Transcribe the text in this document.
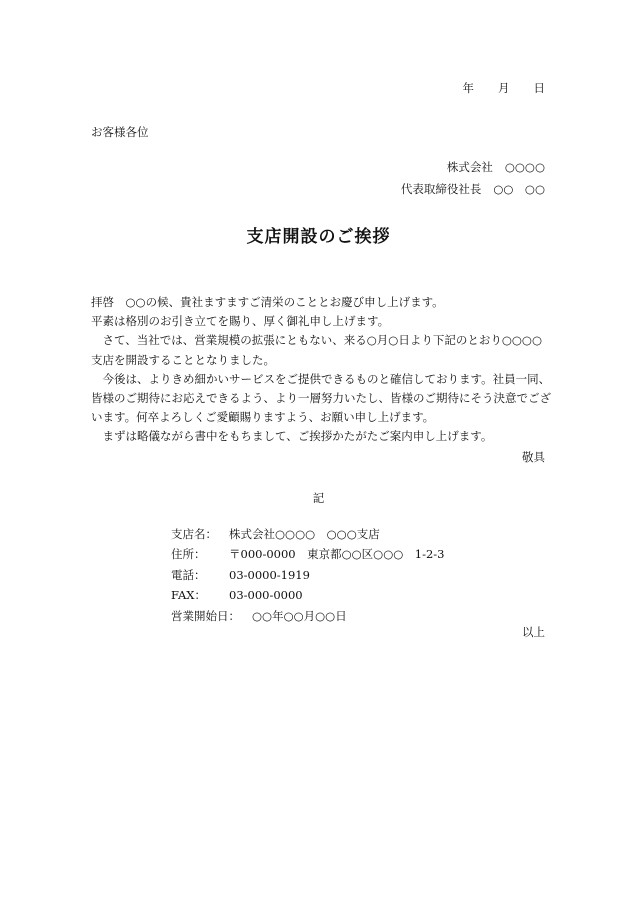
年 月 日
お客様各位
株式会社 ○○○○
代表取締役社長 ○○　○○
支店開設のご挨拶
拝啓　○○の候、貴社ますますご清栄のこととお慶び申し上げます。
平素は格別のお引き立てを賜り、厚く御礼申し上げます。
　さて、当社では、営業規模の拡張にともない、来る○月○日より下記のとおり○○○○
支店を開設することとなりました。
　今後は、よりきめ細かいサービスをご提供できるものと確信しております。社員一同、
皆様のご期待にお応えできるよう、より一層努力いたし、皆様のご期待にそう決意でござ
います。何卒よろしくご愛顧賜りますよう、お願い申し上げます。
　まずは略儀ながら書中をもちまして、ご挨拶かたがたご案内申し上げます。
敬具
記
支店名： 株式会社○○○○　○○○支店
住所： 〒000-0000　東京都○○区○○○　1-2-3
電話： 03-0000-1919
FAX：03-000-0000
営業開始日： ○○年○○月○○日
以上
